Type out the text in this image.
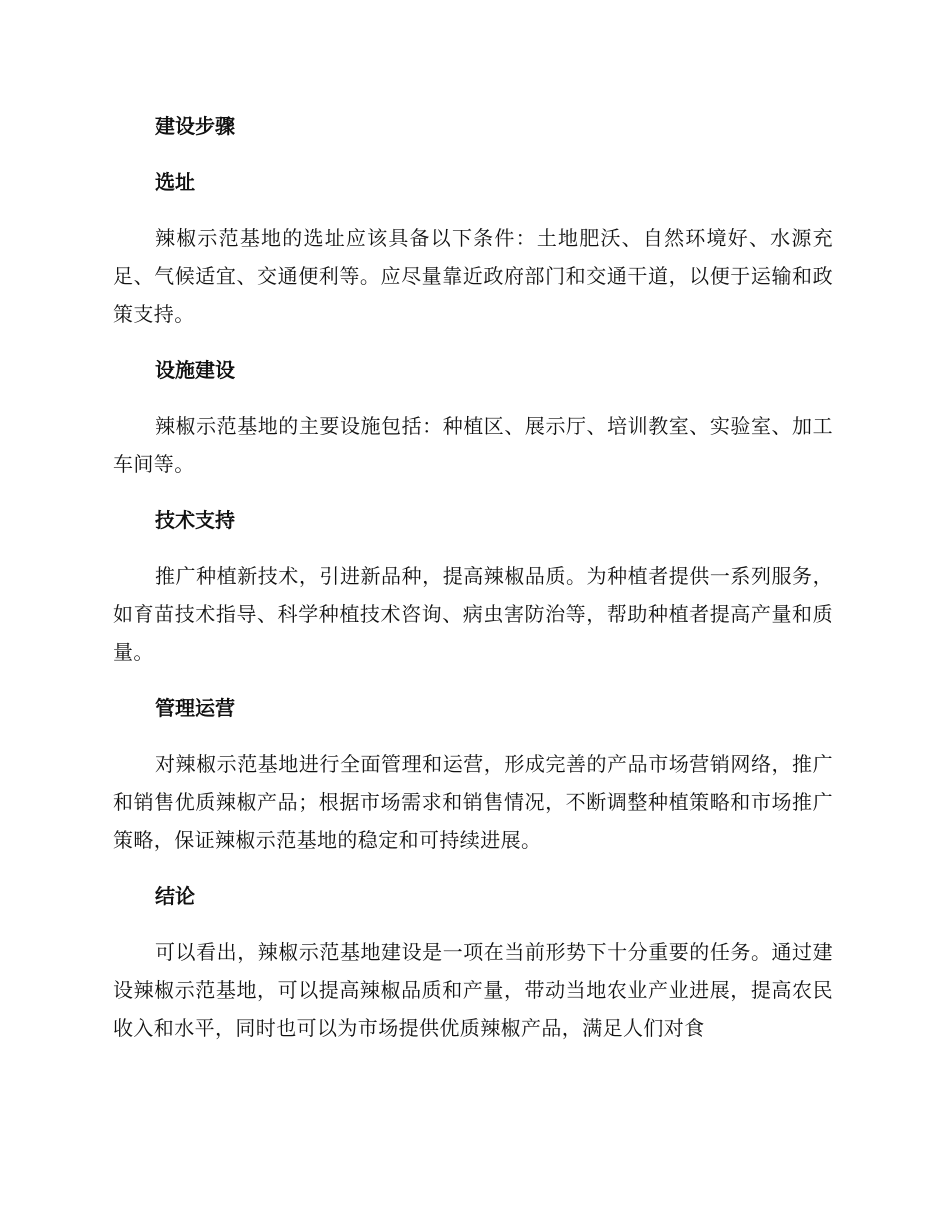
建设步骤
选址
辣椒示范基地的选址应该具备以下条件：土地肥沃、自然环境好、水源充足、气候适宜、交通便利等。应尽量靠近政府部门和交通干道，以便于运输和政策支持。
设施建设
辣椒示范基地的主要设施包括：种植区、展示厅、培训教室、实验室、加工车间等。
技术支持
推广种植新技术，引进新品种，提高辣椒品质。为种植者提供一系列服务，如育苗技术指导、科学种植技术咨询、病虫害防治等，帮助种植者提高产量和质量。
管理运营
对辣椒示范基地进行全面管理和运营，形成完善的产品市场营销网络，推广和销售优质辣椒产品；根据市场需求和销售情况，不断调整种植策略和市场推广策略，保证辣椒示范基地的稳定和可持续进展。
结论
可以看出，辣椒示范基地建设是一项在当前形势下十分重要的任务。通过建设辣椒示范基地，可以提高辣椒品质和产量，带动当地农业产业进展，提高农民收入和水平，同时也可以为市场提供优质辣椒产品，满足人们对食
